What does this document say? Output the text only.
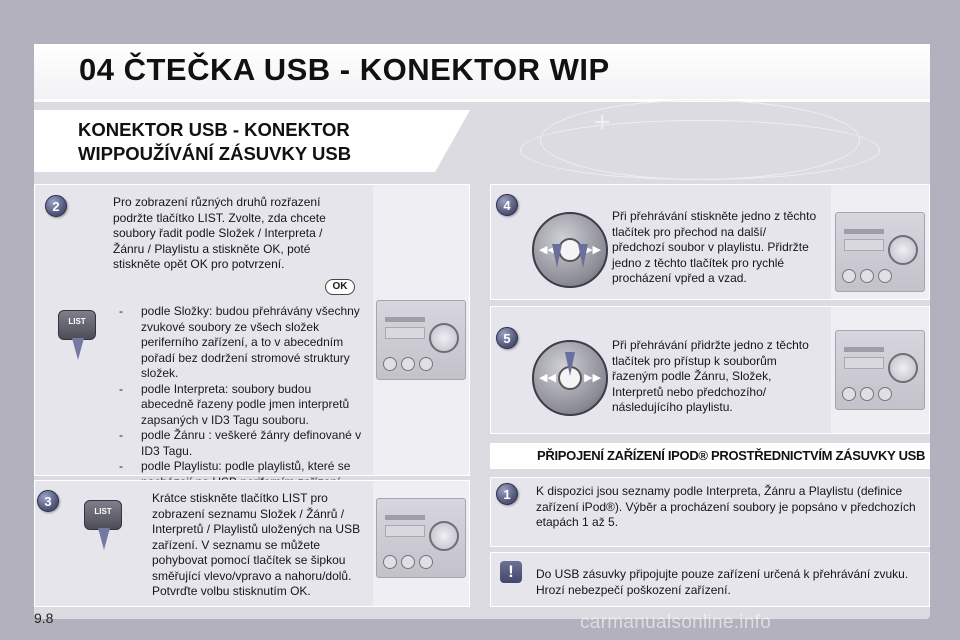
04 ČTEČKA USB - KONEKTOR WIP
KONEKTOR USB - KONEKTOR WIPPOUŽÍVÁNÍ ZÁSUVKY USB
+
2	Pro zobrazení různých druhů rozřazení podržte tlačítko LIST. Zvolte, zda chcete soubory řadit podle Složek / Interpreta / Žánru / Playlistu a stiskněte OK, poté stiskněte opět OK pro potvrzení.
OK
LIST
- podle Složky: budou přehrávány všechny zvukové soubory ze všech složek periferního zařízení, a to v abecedním pořadí bez dodržení stromové struktury složek.
- podle Interpreta: soubory budou abecedně řazeny podle jmen interpretů zapsaných v ID3 Tagu souboru.
- podle Žánru : veškeré žánry definované v ID3 Tagu.
- podle Playlistu: podle playlistů, které se
3
LIST
Krátce stiskněte tlačítko LIST pro zobrazení seznamu Složek / Žánrů / Interpretů / Playlistů uložených na USB zařízení. V seznamu se můžete pohybovat pomocí tlačítek se šipkou směřující vlevo/vpravo a nahoru/dolů. Potvrďte volbu stisknutím OK.
4
◀◀	▶▶
Při přehrávání stiskněte jedno z těchto tlačítek pro přechod na další/ předchozí soubor v playlistu. Přidržte jedno z těchto tlačítek pro rychlé procházení vpřed a vzad.
5
◀◀	▶▶
Při přehrávání přidržte jedno z těchto tlačítek pro přístup k souborům řazeným podle Žánru, Složek, Interpretů nebo předchozího/ následujícího playlistu.
PŘIPOJENÍ ZAŘÍZENÍ IPOD® PROSTŘEDNICTVÍM ZÁSUVKY USB
1	K dispozici jsou seznamy podle Interpreta, Žánru a Playlistu (definice zařízení iPod®). Výběr a procházení soubory je popsáno v předchozích etapách 1 až 5.
!	Do USB zásuvky připojujte pouze zařízení určená k přehrávání zvuku. Hrozí nebezpečí poškození zařízení.
9.8	carmanualsonline.info
